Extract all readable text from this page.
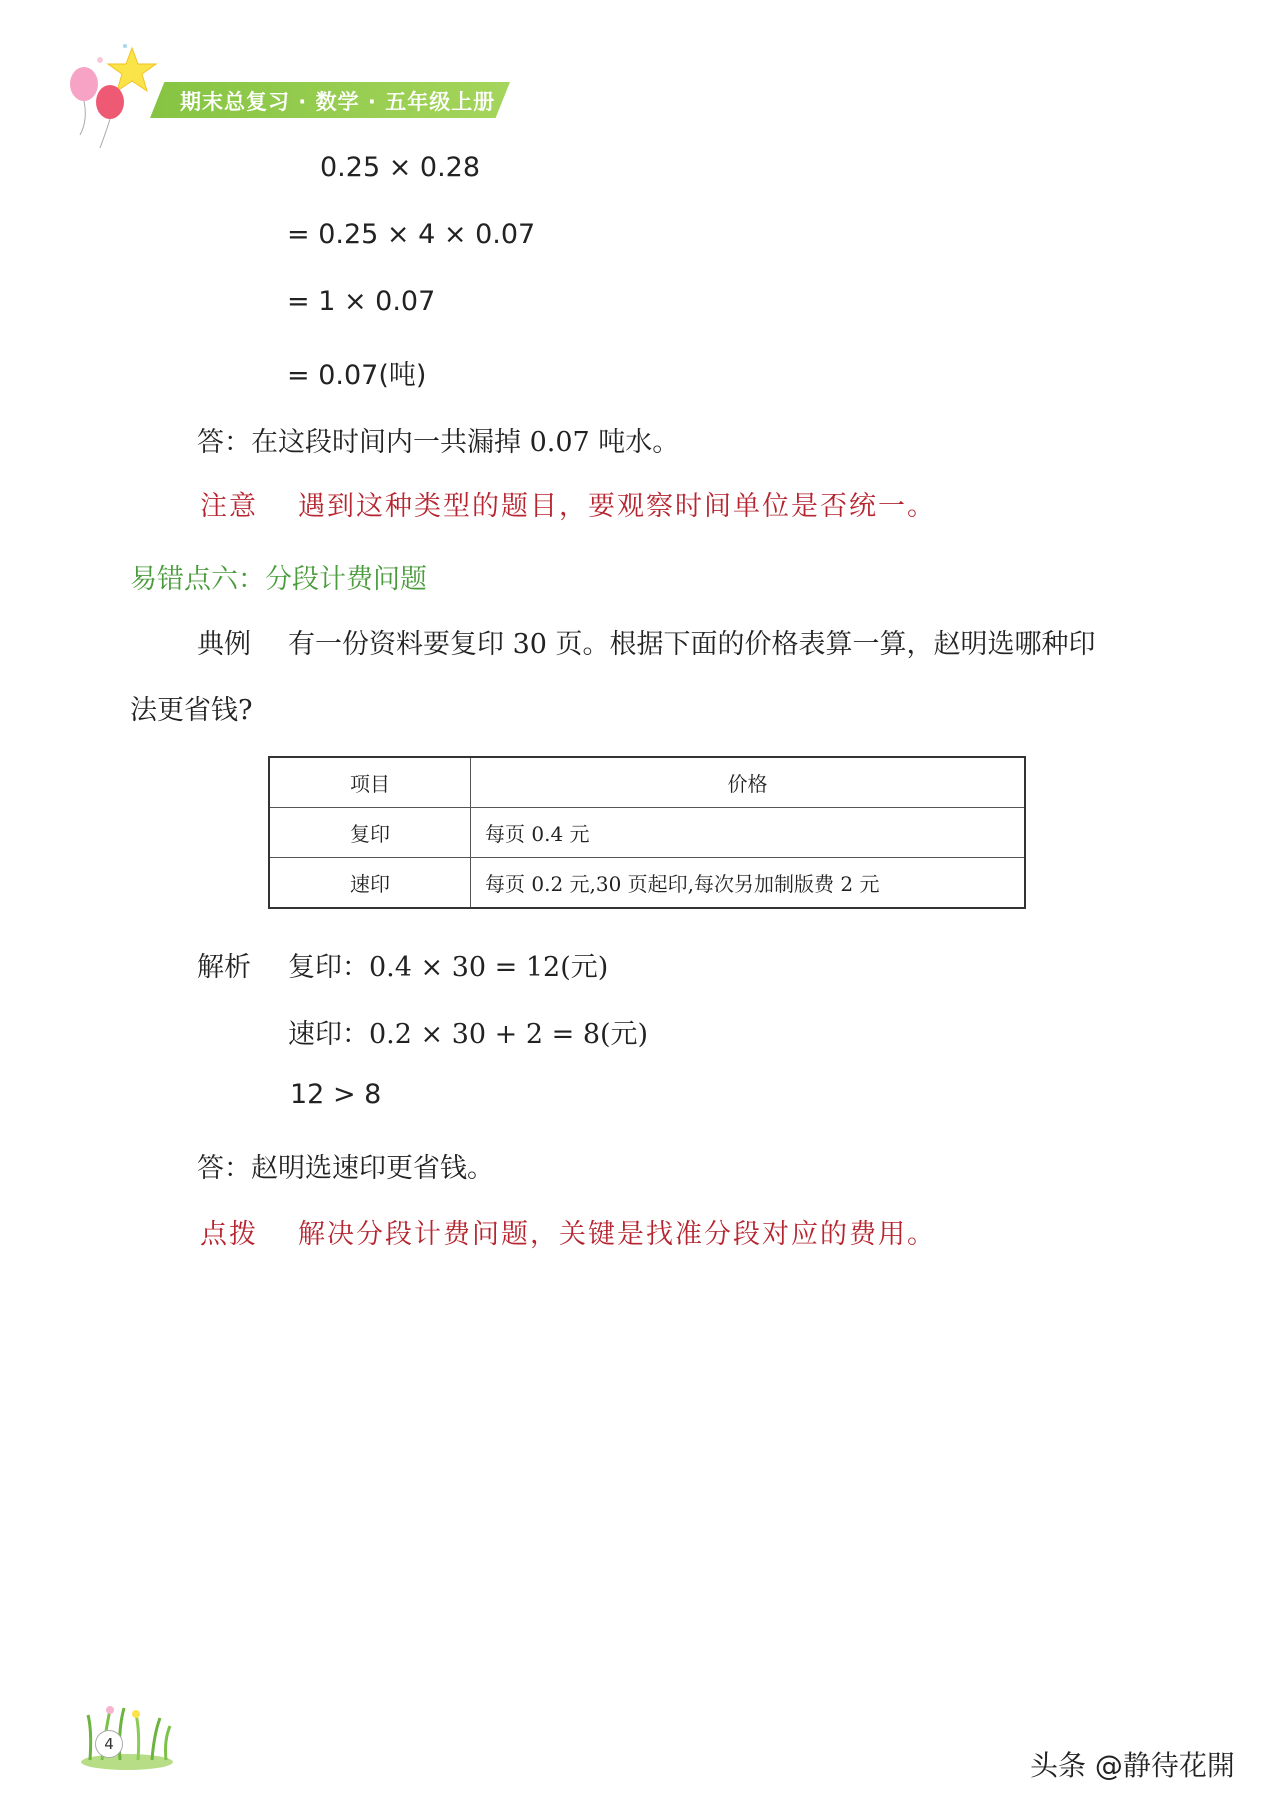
期末总复习 · 数学 · 五年级上册
0.25 × 0.28
= 0.25 × 4 × 0.07
= 1 × 0.07
= 0.07(吨)
答：在这段时间内一共漏掉 0.07 吨水。
注意 遇到这种类型的题目，要观察时间单位是否统一。
易错点六：分段计费问题
典例 有一份资料要复印 30 页。根据下面的价格表算一算，赵明选哪种印
法更省钱?
项目	价格
复印	每页 0.4 元
速印	每页 0.2 元,30 页起印,每次另加制版费 2 元
解析 复印：0.4 × 30 = 12(元)
速印：0.2 × 30 + 2 = 8(元)
12 > 8
答：赵明选速印更省钱。
点拨 解决分段计费问题，关键是找准分段对应的费用。
4
头条 @静待花開
